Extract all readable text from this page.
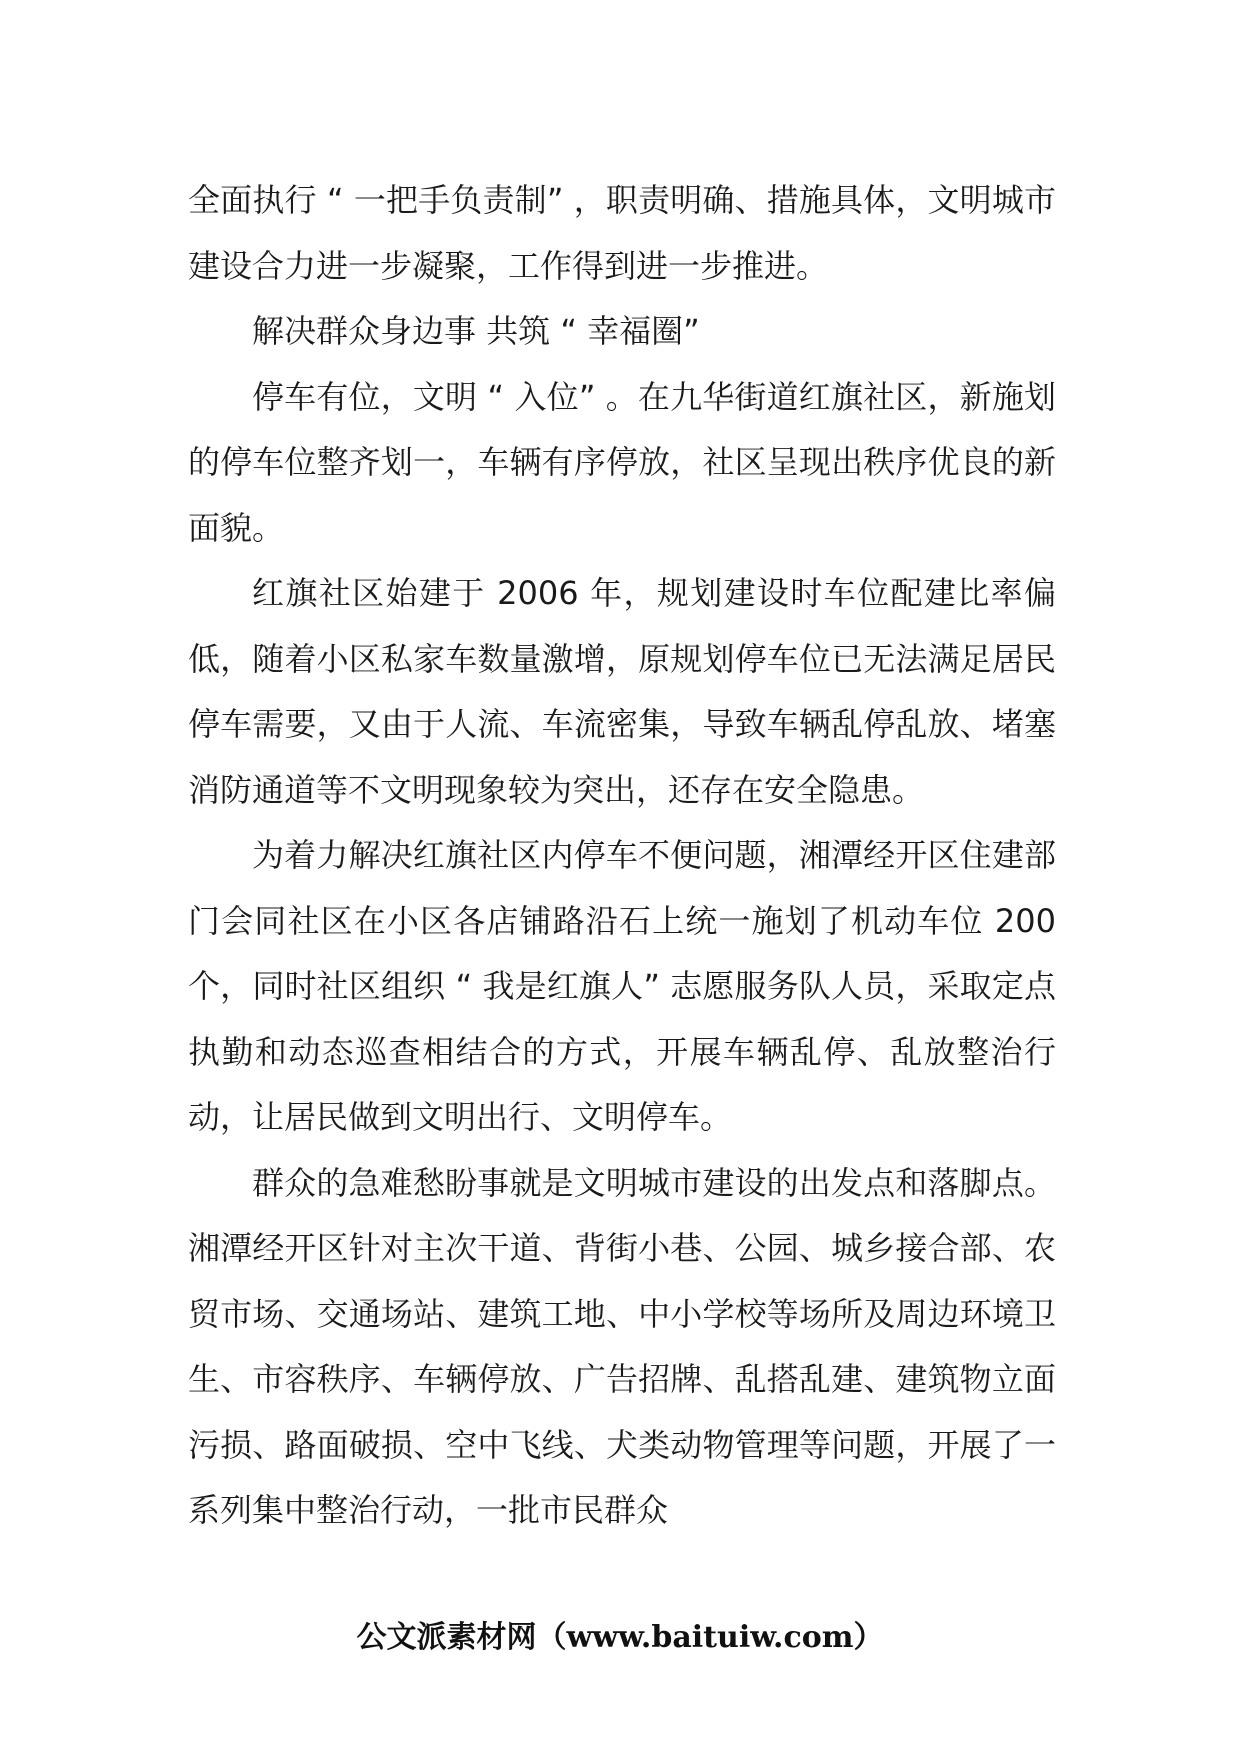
全面执行 “ 一把手负责制” ，职责明确、措施具体，文明城市建设合力进一步凝聚，工作得到进一步推进。

解决群众身边事 共筑 “ 幸福圈”

停车有位，文明 “ 入位” 。在九华街道红旗社区，新施划的停车位整齐划一，车辆有序停放，社区呈现出秩序优良的新面貌。

红旗社区始建于 2006 年，规划建设时车位配建比率偏低，随着小区私家车数量激增，原规划停车位已无法满足居民停车需要，又由于人流、车流密集，导致车辆乱停乱放、堵塞消防通道等不文明现象较为突出，还存在安全隐患。

为着力解决红旗社区内停车不便问题，湘潭经开区住建部门会同社区在小区各店铺路沿石上统一施划了机动车位 200 个，同时社区组织 “ 我是红旗人” 志愿服务队人员，采取定点执勤和动态巡查相结合的方式，开展车辆乱停、乱放整治行动，让居民做到文明出行、文明停车。

群众的急难愁盼事就是文明城市建设的出发点和落脚点。湘潭经开区针对主次干道、背街小巷、公园、城乡接合部、农贸市场、交通场站、建筑工地、中小学校等场所及周边环境卫生、市容秩序、车辆停放、广告招牌、乱搭乱建、建筑物立面污损、路面破损、空中飞线、犬类动物管理等问题，开展了一系列集中整治行动，一批市民群众

公文派素材网（www.baituiw.com）
